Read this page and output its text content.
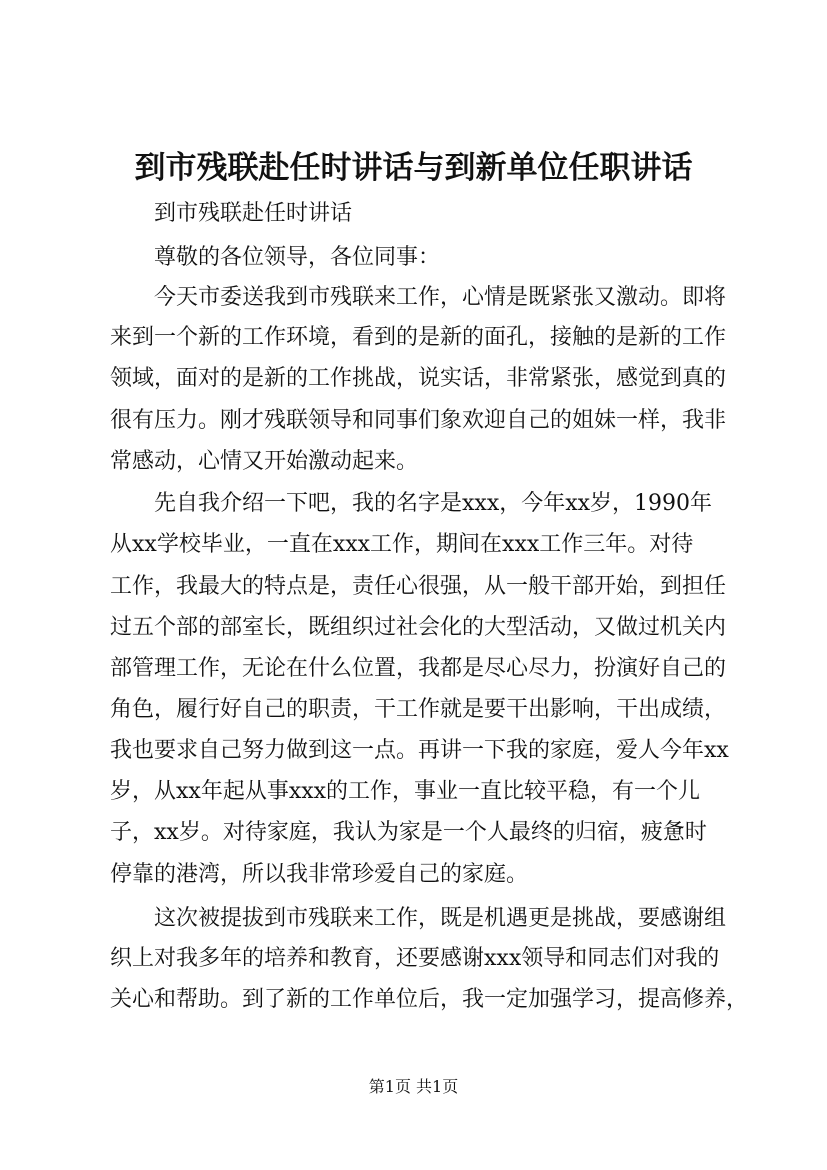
到市残联赴任时讲话与到新单位任职讲话
到市残联赴任时讲话
尊敬的各位领导，各位同事：
今天市委送我到市残联来工作，心情是既紧张又激动。即将
来到一个新的工作环境，看到的是新的面孔，接触的是新的工作
领域，面对的是新的工作挑战，说实话，非常紧张，感觉到真的
很有压力。刚才残联领导和同事们象欢迎自己的姐妹一样，我非
常感动，心情又开始激动起来。
先自我介绍一下吧，我的名字是xxx，今年xx岁，1990年
从xx学校毕业，一直在xxx工作，期间在xxx工作三年。对待
工作，我最大的特点是，责任心很强，从一般干部开始，到担任
过五个部的部室长，既组织过社会化的大型活动，又做过机关内
部管理工作，无论在什么位置，我都是尽心尽力，扮演好自己的
角色，履行好自己的职责，干工作就是要干出影响，干出成绩，
我也要求自己努力做到这一点。再讲一下我的家庭，爱人今年xx
岁，从xx年起从事xxx的工作，事业一直比较平稳，有一个儿
子，xx岁。对待家庭，我认为家是一个人最终的归宿，疲惫时
停靠的港湾，所以我非常珍爱自己的家庭。
这次被提拔到市残联来工作，既是机遇更是挑战，要感谢组
织上对我多年的培养和教育，还要感谢xxx领导和同志们对我的
关心和帮助。到了新的工作单位后，我一定加强学习，提高修养，
第1页 共1页
